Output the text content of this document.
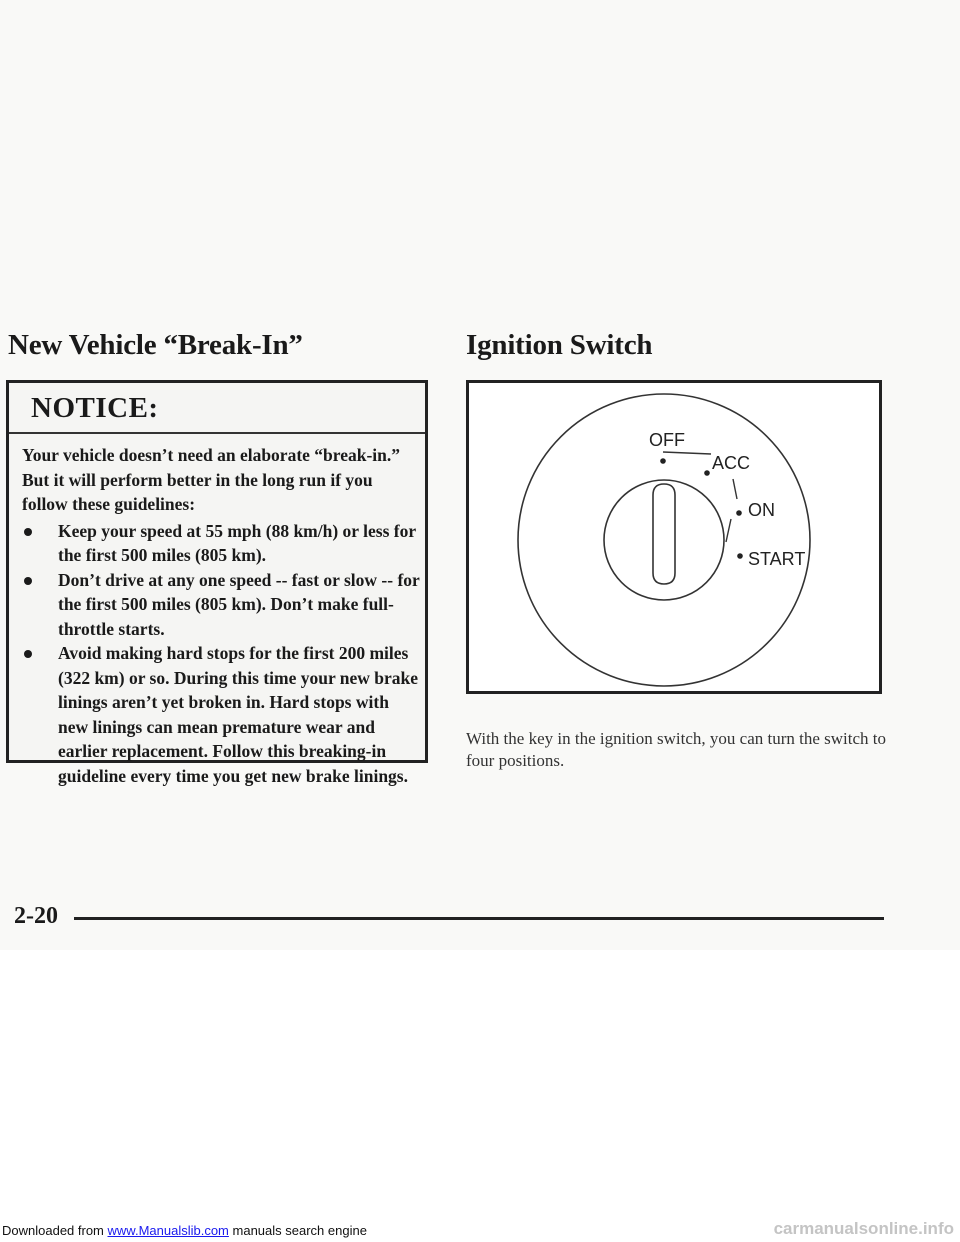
New Vehicle “Break-In”
NOTICE:

Your vehicle doesn’t need an elaborate “break-in.” But it will perform better in the long run if you follow these guidelines:

Keep your speed at 55 mph (88 km/h) or less for the first 500 miles (805 km).
Don’t drive at any one speed -- fast or slow -- for the first 500 miles (805 km). Don’t make full-throttle starts.
Avoid making hard stops for the first 200 miles (322 km) or so. During this time your new brake linings aren’t yet broken in. Hard stops with new linings can mean premature wear and earlier replacement. Follow this breaking-in guideline every time you get new brake linings.
Ignition Switch
OFF
ACC
ON
START

With the key in the ignition switch, you can turn the switch to four positions.

2-20
Downloaded from www.Manualslib.com manuals search engine	carmanualsonline.info
